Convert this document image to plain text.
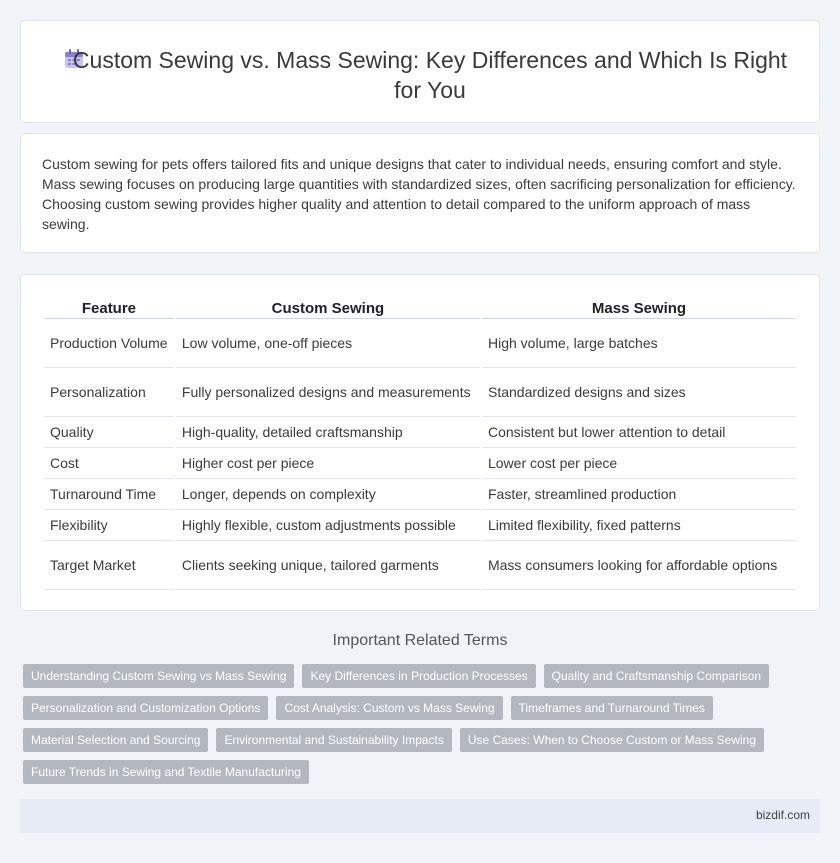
Custom Sewing vs. Mass Sewing: Key Differences and Which Is Right for You

Custom sewing for pets offers tailored fits and unique designs that cater to individual needs, ensuring comfort and style. Mass sewing focuses on producing large quantities with standardized sizes, often sacrificing personalization for efficiency. Choosing custom sewing provides higher quality and attention to detail compared to the uniform approach of mass sewing.

Feature	Custom Sewing	Mass Sewing
Production Volume	Low volume, one-off pieces	High volume, large batches
Personalization	Fully personalized designs and measurements	Standardized designs and sizes
Quality	High-quality, detailed craftsmanship	Consistent but lower attention to detail
Cost	Higher cost per piece	Lower cost per piece
Turnaround Time	Longer, depends on complexity	Faster, streamlined production
Flexibility	Highly flexible, custom adjustments possible	Limited flexibility, fixed patterns
Target Market	Clients seeking unique, tailored garments	Mass consumers looking for affordable options
Important Related Terms
Understanding Custom Sewing vs Mass Sewing	Key Differences in Production Processes	Quality and Craftsmanship Comparison
Personalization and Customization Options	Cost Analysis: Custom vs Mass Sewing	Timeframes and Turnaround Times
Material Selection and Sourcing	Environmental and Sustainability Impacts	Use Cases: When to Choose Custom or Mass Sewing
Future Trends in Sewing and Textile Manufacturing
bizdif.com
